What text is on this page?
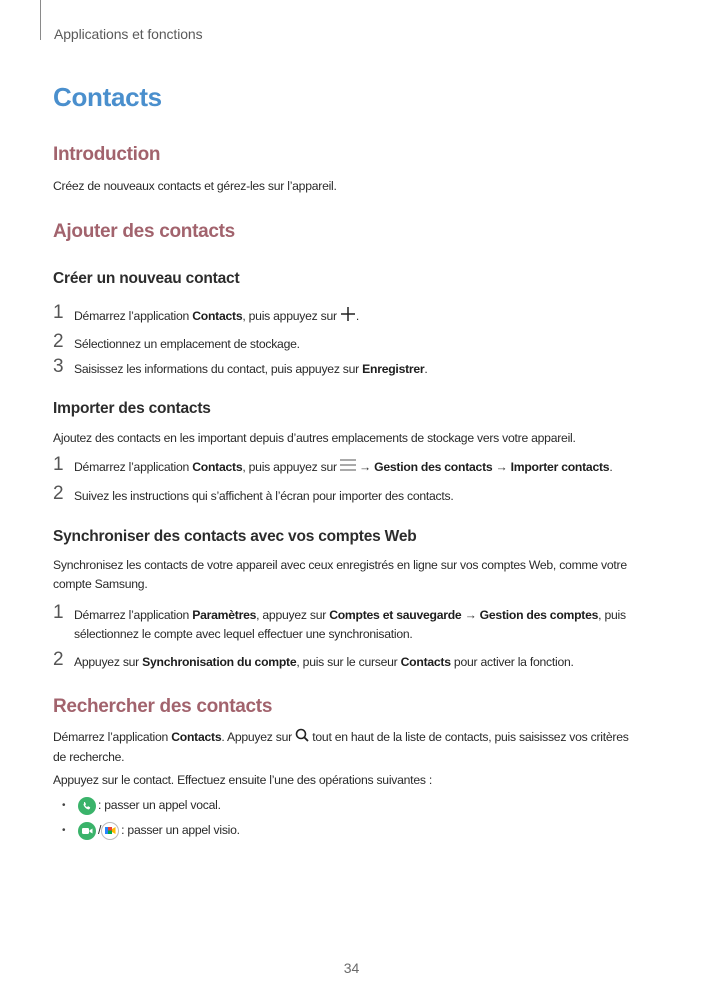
Applications et fonctions
Contacts
Introduction

Créez de nouveaux contacts et gérez-les sur l’appareil.

Ajouter des contacts
Créer un nouveau contact
1 Démarrez l’application Contacts, puis appuyez sur .
2 Sélectionnez un emplacement de stockage.
3 Saisissez les informations du contact, puis appuyez sur Enregistrer.
Importer des contacts

Ajoutez des contacts en les important depuis d’autres emplacements de stockage vers votre appareil.

1 Démarrez l’application Contacts, puis appuyez sur  → Gestion des contacts → Importer contacts.
2 Suivez les instructions qui s’affichent à l’écran pour importer des contacts.
Synchroniser des contacts avec vos comptes Web

Synchronisez les contacts de votre appareil avec ceux enregistrés en ligne sur vos comptes Web, comme votre compte Samsung.

1 Démarrez l’application Paramètres, appuyez sur Comptes et sauvegarde → Gestion des comptes, puis sélectionnez le compte avec lequel effectuer une synchronisation.
2 Appuyez sur Synchronisation du compte, puis sur le curseur Contacts pour activer la fonction.
Rechercher des contacts

Démarrez l’application Contacts. Appuyez sur  tout en haut de la liste de contacts, puis saisissez vos critères de recherche.

Appuyez sur le contact. Effectuez ensuite l’une des opérations suivantes :

•	: passer un appel vocal.
•	/ : passer un appel visio.
34
